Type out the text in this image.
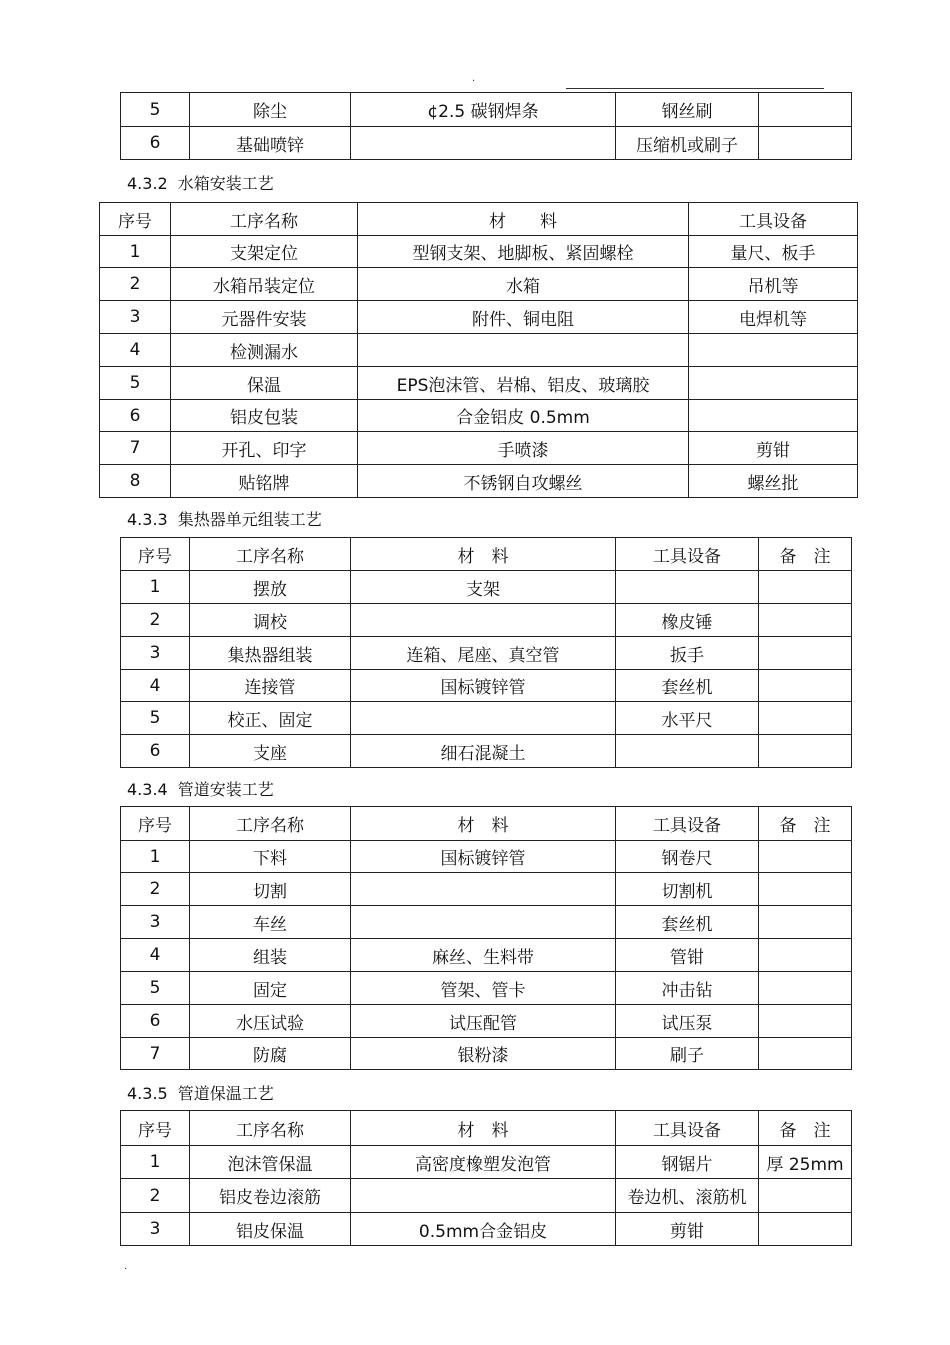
.
5	除尘	¢2.5 碳钢焊条	钢丝刷	
6	基础喷锌		压缩机或刷子	
4.3.2 水箱安装工艺
序号	工序名称	材　　料	工具设备
1	支架定位	型钢支架、地脚板、紧固螺栓	量尺、板手
2	水箱吊装定位	水箱	吊机等
3	元器件安装	附件、铜电阻	电焊机等
4	检测漏水		
5	保温	EPS泡沫管、岩棉、铝皮、玻璃胶	
6	铝皮包装	合金铝皮 0.5mm	
7	开孔、印字	手喷漆	剪钳
8	贴铭牌	不锈钢自攻螺丝	螺丝批
4.3.3 集热器单元组装工艺
序号	工序名称	材　料	工具设备	备　注
1	摆放	支架		
2	调校		橡皮锤	
3	集热器组装	连箱、尾座、真空管	扳手	
4	连接管	国标镀锌管	套丝机	
5	校正、固定		水平尺	
6	支座	细石混凝土		
4.3.4 管道安装工艺
序号	工序名称	材　料	工具设备	备　注
1	下料	国标镀锌管	钢卷尺	
2	切割		切割机	
3	车丝		套丝机	
4	组装	麻丝、生料带	管钳	
5	固定	管架、管卡	冲击钻	
6	水压试验	试压配管	试压泵	
7	防腐	银粉漆	刷子	
4.3.5 管道保温工艺
序号	工序名称	材　料	工具设备	备　注
1	泡沫管保温	高密度橡塑发泡管	钢锯片	厚 25mm
2	铝皮卷边滚筋		卷边机、滚筋机	
3	铝皮保温	0.5mm合金铝皮	剪钳	
.
